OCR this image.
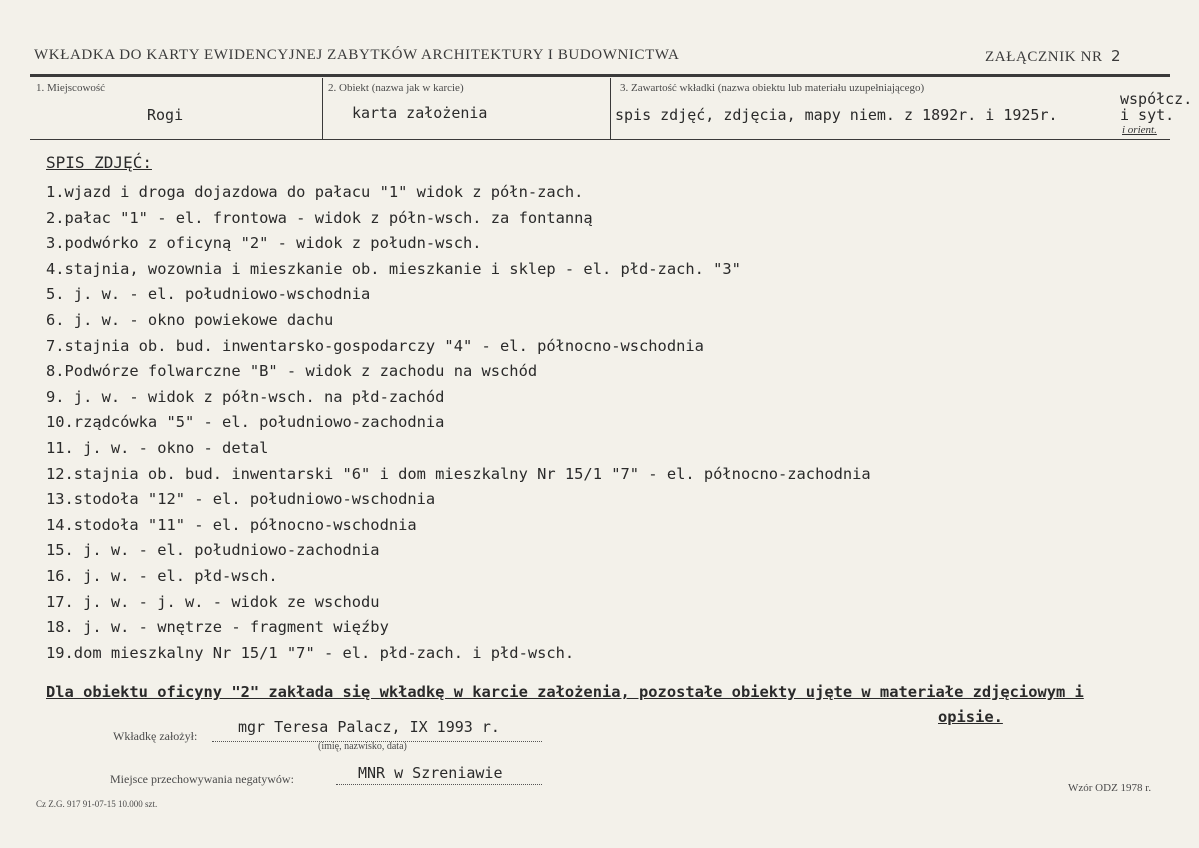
WKŁADKA DO KARTY EWIDENCYJNEJ ZABYTKÓW ARCHITEKTURY I BUDOWNICTWA	ZAŁĄCZNIK NR 2
1. Miejscowość
Rogi
2. Obiekt (nazwa jak w karcie)
karta założenia
3. Zawartość wkładki (nazwa obiektu lub materiału uzupełniającego)
spis zdjęć, zdjęcia, mapy niem. z 1892r. i 1925r.
współcz.
i syt.
i orient.
SPIS ZDJĘĆ:
1.wjazd i droga dojazdowa do pałacu "1" widok z półn-zach.
2.pałac "1" - el. frontowa - widok z półn-wsch. za fontanną
3.podwórko z oficyną "2" - widok z połudn-wsch.
4.stajnia, wozownia i mieszkanie ob. mieszkanie i sklep - el. płd-zach. "3"
5. j. w. - el. południowo-wschodnia
6. j. w. - okno powiekowe dachu
7.stajnia ob. bud. inwentarsko-gospodarczy "4" - el. północno-wschodnia
8.Podwórze folwarczne "B" - widok z zachodu na wschód
9. j. w. - widok z półn-wsch. na płd-zachód
10.rządcówka "5" - el. południowo-zachodnia
11. j. w. - okno - detal
12.stajnia ob. bud. inwentarski "6" i dom mieszkalny Nr 15/1 "7" - el. północno-zachodnia
13.stodoła "12" - el. południowo-wschodnia
14.stodoła "11" - el. północno-wschodnia
15. j. w. - el. południowo-zachodnia
16. j. w. - el. płd-wsch.
17. j. w. - j. w. - widok ze wschodu
18. j. w. - wnętrze - fragment więźby
19.dom mieszkalny Nr 15/1 "7" - el. płd-zach. i płd-wsch.
Dla obiektu oficyny "2" zakłada się wkładkę w karcie założenia, pozostałe obiekty ujęte w materiałe zdjęciowym i
opisie.
Wkładkę założył:	mgr Teresa Palacz, IX 1993 r.
(imię, nazwisko, data)
Miejsce przechowywania negatywów:	MNR w Szreniawie
Cz Z.G. 917 91-07-15 10.000 szt.
Wzór ODZ 1978 r.
